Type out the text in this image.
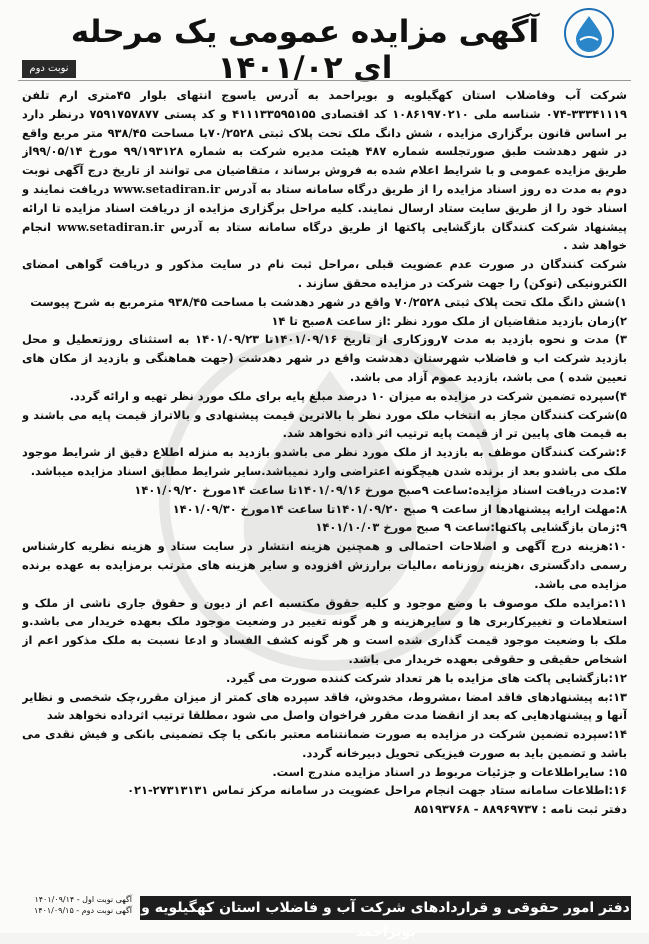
آگهی مزایده عمومی یک مرحله ای ۱۴۰۱/۰۲
نوبت دوم

شرکت آب وفاضلاب استان کهگیلویه و بویراحمد به آدرس یاسوج انتهای بلوار ۴۵متری ارم تلفن ۳۳۳۴۱۱۱۹-۰۷۴ شناسه ملی ۱۰۸۶۱۹۷۰۲۱۰ کد اقتصادی ۴۱۱۱۳۳۵۹۵۱۵۵ و کد پستی ۷۵۹۱۷۵۷۸۷۷ درنظر دارد بر اساس قانون برگزاری مزایده ، شش دانگ ملک تحت پلاک ثبتی ۷۰/۲۵۲۸با مساحت ۹۳۸/۴۵ متر مربع واقع در شهر دهدشت طبق صورتجلسه شماره ۴۸۷ هیئت مدیره شرکت به شماره ۹۹/۱۹۳۱۲۸ مورخ ۹۹/۰۵/۱۴از طریق مزایده عمومی و با شرایط اعلام شده به فروش برساند ، متقاضیان می توانند از تاریخ درج آگهی نوبت دوم به مدت ده روز اسناد مزایده را از طریق درگاه سامانه ستاد به آدرس www.setadiran.ir دریافت نمایند و اسناد خود را از طریق سایت ستاد ارسال نمایند. کلیه مراحل برگزاری مزایده از دریافت اسناد مزایده تا ارائه پیشنهاد شرکت کنندگان بازگشایی پاکتها از طریق درگاه سامانه ستاد به آدرس www.setadiran.ir انجام خواهد شد .

شرکت کنندگان در صورت عدم عضویت قبلی ،مراحل ثبت نام در سایت مذکور و دریافت گواهی امضای الکترونیکی (توکن) را جهت شرکت در مزایده محقق سازند .

۱)شش دانگ ملک تحت پلاک ثبتی ۷۰/۲۵۲۸ واقع در شهر دهدشت با مساحت ۹۳۸/۴۵ مترمربع به شرح پیوست

۲)زمان بازدید متقاضیان از ملک مورد نظر :از ساعت ۸صبح تا ۱۴

۳) مدت و نحوه بازدید به مدت ۷روزکاری از تاریخ ۱۴۰۱/۰۹/۱۶تا ۱۴۰۱/۰۹/۲۳ به استثنای روزتعطیل و محل بازدید شرکت اب و فاضلاب شهرستان دهدشت واقع در شهر دهدشت (جهت هماهنگی و بازدید از مکان های تعیین شده ) می باشد، بازدید عموم آزاد می باشد.

۴)سپرده تضمین شرکت در مزایده به میزان ۱۰ درصد مبلغ پایه برای ملک مورد نظر تهیه و ارائه گردد.

۵)شرکت کنندگان مجاز به انتخاب ملک مورد نظر با بالاترین قیمت پیشنهادی و بالاتراز قیمت پایه می باشند و به قیمت های پایین تر از قیمت پایه ترتیب اثر داده نخواهد شد.

۶:شرکت کنندگان موظف به بازدید از ملک مورد نظر می باشدو بازدید به منزله اطلاع دقیق از شرایط موجود ملک می باشدو بعد از برنده شدن هیچگونه اعتراضی وارد نمیباشد.سایر شرایط مطابق اسناد مزایده میباشد.

۷:مدت دریافت اسناد مزایده:ساعت ۹صبح مورخ ۱۴۰۱/۰۹/۱۶تا ساعت ۱۴مورخ ۱۴۰۱/۰۹/۲۰

۸:مهلت ارایه پیشنهادها از ساعت ۹ صبح ۱۴۰۱/۰۹/۲۰تا ساعت ۱۴مورخ ۱۴۰۱/۰۹/۳۰

۹:زمان بازگشایی پاکتها:ساعت ۹ صبح مورخ ۱۴۰۱/۱۰/۰۳

۱۰:هزینه درج آگهی و اصلاحات احتمالی و همچنین هزینه انتشار در سایت ستاد و هزینه نظریه کارشناس رسمی دادگستری ،هزینه روزنامه ،مالیات برارزش افزوده و سایر هزینه های مترتب برمزایده به عهده برنده مزایده می باشد.

۱۱:مزایده ملک موصوف با وضع موجود و کلیه حقوق مکتسبه اعم از دیون و حقوق جاری ناشی از ملک و استعلامات و تغییرکاربری ها و سایرهزینه و هر گونه تغییر در وضعیت موجود ملک بعهده خریدار می باشد.و ملک با وضعیت موجود قیمت گذاری شده است و هر گونه کشف الفساد و ادعا نسبت به ملک مذکور اعم از اشخاص حقیقی و حقوقی بعهده خریدار می باشد.

۱۲:بازگشایی پاکت های مزایده با هر تعداد شرکت کننده صورت می گیرد.

۱۳:به پیشنهادهای فاقد امضا ،مشروط، مخدوش، فاقد سپرده های کمتر از میزان مقرر،چک شخصی و نظایر آنها و پیشنهادهایی که بعد از انقضا مدت مقرر فراخوان واصل می شود ،مطلقا ترتیب اثرداده نخواهد شد

۱۴:سپرده تضمین شرکت در مزایده به صورت ضمانتنامه معتبر بانکی یا چک تضمینی بانکی و فیش نقدی می باشد و تضمین باید به صورت فیزیکی تحویل دبیرخانه گردد.

۱۵: سایراطلاعات و جزئیات مربوط در اسناد مزایده مندرج است.

۱۶:اطلاعات سامانه ستاد جهت انجام مراحل عضویت در سامانه مرکز تماس ۲۷۳۱۳۱۳۱-۰۲۱

دفتر ثبت نامه : ۸۸۹۶۹۷۳۷ - ۸۵۱۹۳۷۶۸

آگهی نوبت اول - ۱۴۰۱/۰۹/۱۴
آگهی نوبت دوم - ۱۴۰۱/۰۹/۱۵ دفتر امور حقوقی و قراردادهای شرکت آب و فاضلاب استان کهگیلویه و بویراحمد
